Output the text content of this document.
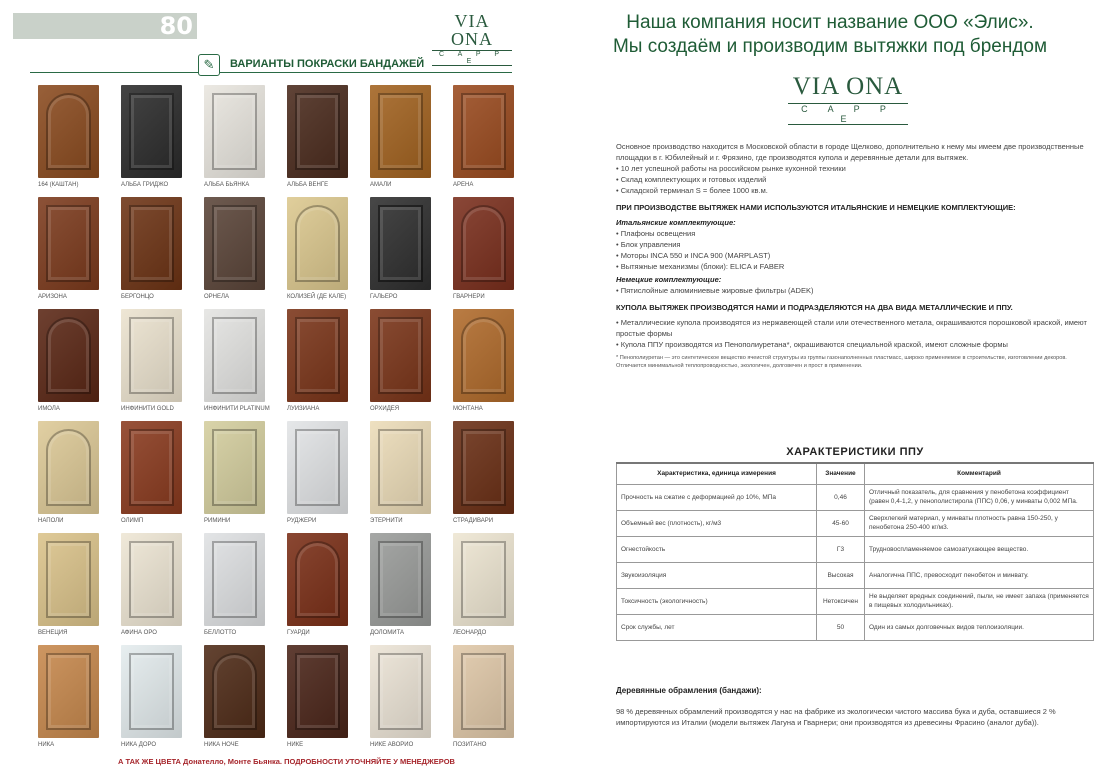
80	VIA ONA
C A P P E
✎	ВАРИАНТЫ ПОКРАСКИ БАНДАЖЕЙ
164 (КАШТАН)	АЛЬБА ГРИДЖО	АЛЬБА БЬЯНКА	АЛЬБА ВЕНГЕ	АМАЛИ	АРЕНА
АРИЗОНА	БЕРГОНЦО	ОРНЕЛА	КОЛИЗЕЙ (ДЕ КАЛЕ)	ГАЛЬЕРО	ГВАРНЕРИ
ИМОЛА	ИНФИНИТИ GOLD	ИНФИНИТИ PLATINUM	ЛУИЗИАНА	ОРХИДЕЯ	МОНТАНА
НАПОЛИ	ОЛИМП	РИМИНИ	РУДЖЕРИ	ЭТЕРНИТИ	СТРАДИВАРИ
ВЕНЕЦИЯ	АФИНА ОРО	БЕЛЛОТТО	ГУАРДИ	ДОЛОМИТА	ЛЕОНАРДО
НИКА	НИКА ДОРО	НИКА НОЧЕ	НИКЕ	НИКЕ АВОРИО	ПОЗИТАНО
А ТАК ЖЕ ЦВЕТА Донателло, Монте Бьянка. ПОДРОБНОСТИ УТОЧНЯЙТЕ У МЕНЕДЖЕРОВ
Наша компания носит название ООО «Элис».
Мы создаём и производим вытяжки под брендом
VIA ONA
C A P P E

Основное производство находится в Московской области в городе Щелково, дополнительно к нему мы имеем две производственные площадки в г. Юбилейный и г. Фрязино, где производятся купола и деревянные детали для вытяжек.

• 10 лет успешной работы на российском рынке кухонной техники
• Склад комплектующих и готовых изделий
• Складской терминал S = более 1000 кв.м.

ПРИ ПРОИЗВОДСТВЕ ВЫТЯЖЕК НАМИ ИСПОЛЬЗУЮТСЯ ИТАЛЬЯНСКИЕ И НЕМЕЦКИЕ КОМПЛЕКТУЮЩИЕ:

Итальянские комплектующие:

• Плафоны освещения
• Блок управления
• Моторы INCA 550 и INCA 900 (MARPLAST)
• Вытяжные механизмы (блоки): ELICA и FABER

Немецкие комплектующие:

• Пятислойные алюминиевые жировые фильтры (ADEK)

КУПОЛА ВЫТЯЖЕК ПРОИЗВОДЯТСЯ НАМИ И ПОДРАЗДЕЛЯЮТСЯ НА ДВА ВИДА МЕТАЛЛИЧЕСКИЕ И ППУ.

• Металлические купола производятся из нержавеющей стали или отечественного метала, окрашиваются порошковой краской, имеют простые формы
• Купола ППУ производятся из Пенополиуретана*, окрашиваются специальной краской, имеют сложные формы

* Пенополиуретан — это синтетическое вещество ячеистой структуры из группы газонаполненных пластмасс, широко применяемое в строительстве, изготовлении декоров. Отличается минимальной теплопроводностью, экологичен, долговечен и прост в применении.

ХАРАКТЕРИСТИКИ ППУ
Характеристика, единица измерения	Значение	Комментарий
Прочность на сжатие с деформацией до 10%, МПа	0,46	Отличный показатель, для сравнения у пенобетона коэффициент (равен 0,4-1,2, у пенополистирола (ППС) 0,06, у минваты 0,002 МПа.
Объемный вес (плотность), кг/м3	45-60	Сверхлегкий материал, у минваты плотность равна 150-250, у пенобетона 250-400 кг/м3.
Огнестойкость	Г3	Трудновоспламеняемое самозатухающее вещество.
Звукоизоляция	Высокая	Аналогична ППС, превосходит пенобетон и минвату.
Токсичность (экологичность)	Нетоксичен	Не выделяет вредных соединений, пыли, не имеет запаха (применяется в пищевых холодильниках).
Срок службы, лет	50	Один из самых долговечных видов теплоизоляции.
Деревянные обрамления (бандажи):
98 % деревянных обрамлений производятся у нас на фабрике из экологически чистого массива бука и дуба, оставшиеся 2 % импортируются из Италии (модели вытяжек Лагуна и Гварнери; они производятся из древесины Фрасино (аналог дуба)).
